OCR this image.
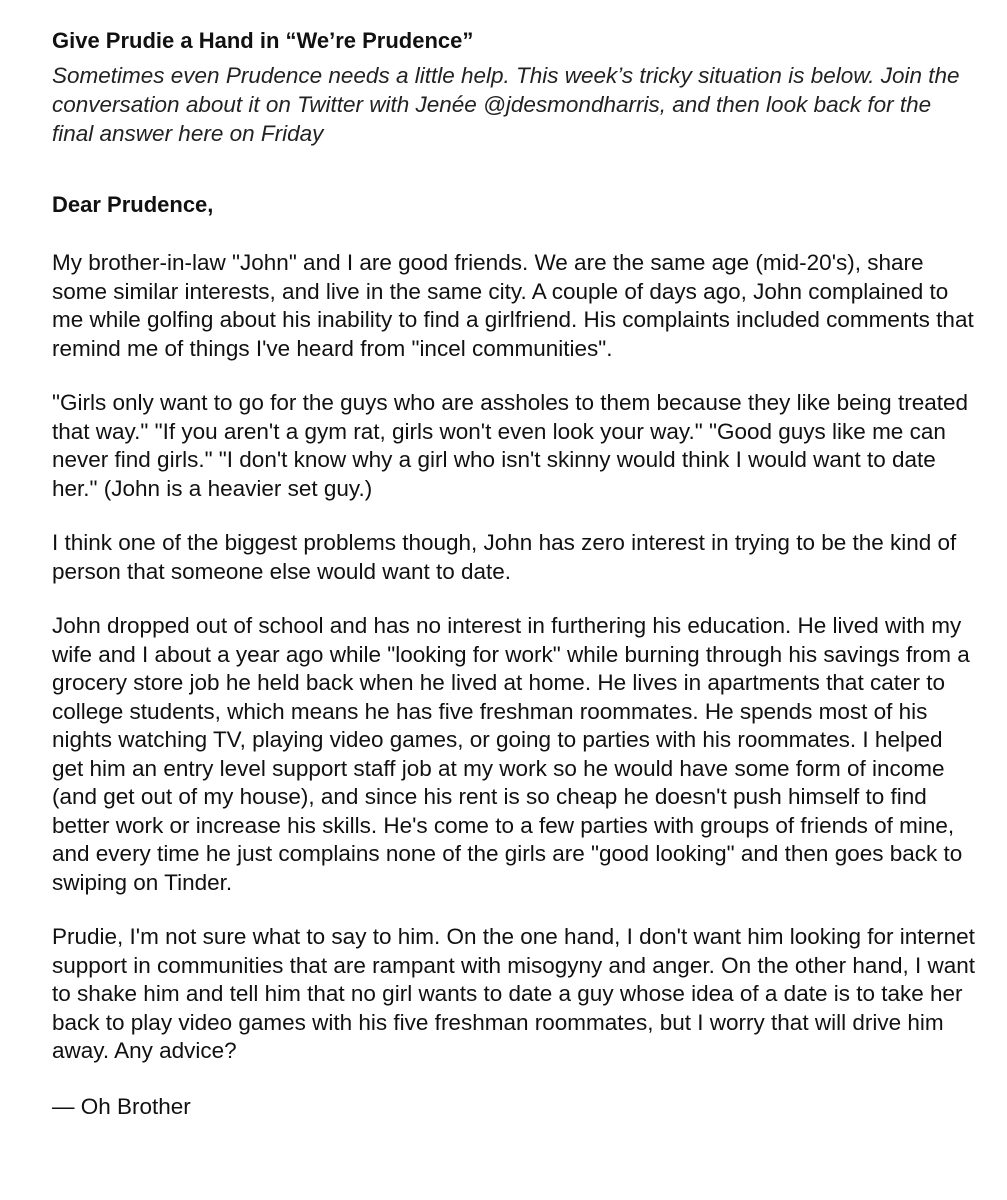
Give Prudie a Hand in “We’re Prudence”

Sometimes even Prudence needs a little help. This week’s tricky situation is below. Join the conversation about it on Twitter with Jenée @jdesmondharris, and then look back for the final answer here on Friday

Dear Prudence,

My brother-in-law "John" and I are good friends. We are the same age (mid-20's), share some similar interests, and live in the same city. A couple of days ago, John complained to me while golfing about his inability to find a girlfriend. His complaints included comments that remind me of things I've heard from "incel communities".

"Girls only want to go for the guys who are assholes to them because they like being treated that way." "If you aren't a gym rat, girls won't even look your way." "Good guys like me can never find girls." "I don't know why a girl who isn't skinny would think I would want to date her." (John is a heavier set guy.)

I think one of the biggest problems though, John has zero interest in trying to be the kind of person that someone else would want to date.

John dropped out of school and has no interest in furthering his education. He lived with my wife and I about a year ago while "looking for work" while burning through his savings from a grocery store job he held back when he lived at home. He lives in apartments that cater to college students, which means he has five freshman roommates. He spends most of his nights watching TV, playing video games, or going to parties with his roommates. I helped get him an entry level support staff job at my work so he would have some form of income (and get out of my house), and since his rent is so cheap he doesn't push himself to find better work or increase his skills. He's come to a few parties with groups of friends of mine, and every time he just complains none of the girls are "good looking" and then goes back to swiping on Tinder.

Prudie, I'm not sure what to say to him. On the one hand, I don't want him looking for internet support in communities that are rampant with misogyny and anger. On the other hand, I want to shake him and tell him that no girl wants to date a guy whose idea of a date is to take her back to play video games with his five freshman roommates, but I worry that will drive him away. Any advice?

— Oh Brother
